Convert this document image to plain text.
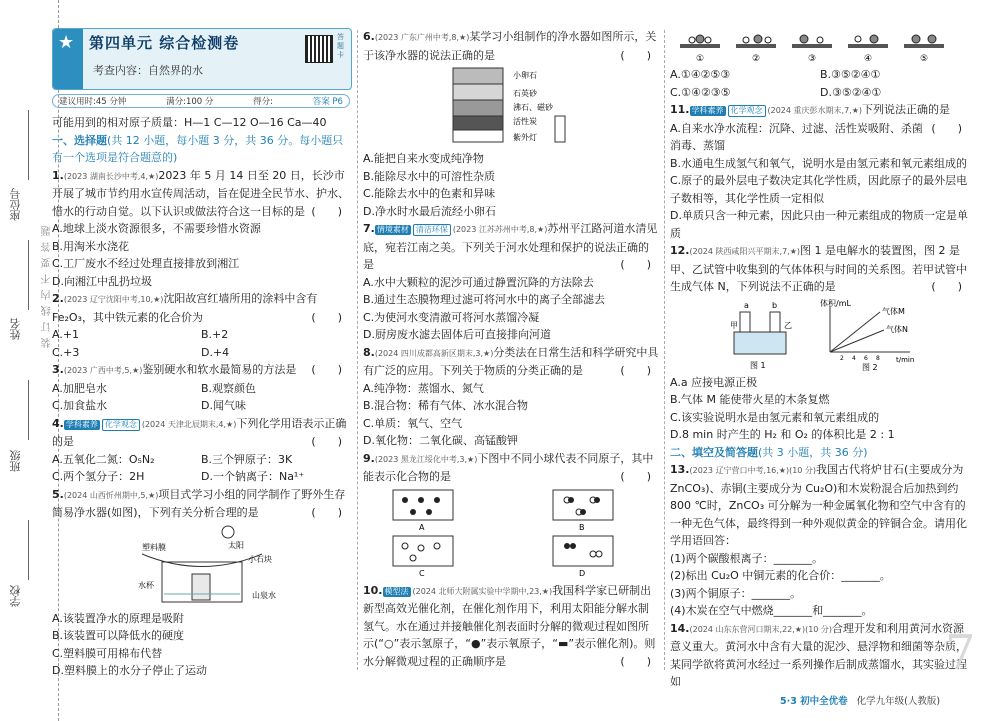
学校
班级
姓名
座位号
装订线内不要答题
★ 第四单元 综合检测卷
考查内容：自然界的水
答题卡
建议用时:45 分钟	满分:100 分	得分:	答案 P6

可能用到的相对原子质量：H—1 C—12 O—16 Ca—40

一、选择题(共 12 小题，每小题 3 分，共 36 分。每小题只有一个选项是符合题意的)

1.(2023 湖南长沙中考,4,★)2023 年 5 月 14 日至 20 日，长沙市开展了城市节约用水宣传周活动，旨在促进全民节水、护水、惜水的行动自觉。以下认识或做法符合这一目标的是 (　　)

A.地球上淡水资源很多，不需要珍惜水资源

B.用淘米水浇花

C.工厂废水不经过处理直接排放到湘江

D.向湘江中乱扔垃圾

2.(2023 辽宁沈阳中考,10,★)沈阳故宫红墙所用的涂料中含有 Fe₂O₃，其中铁元素的化合价为	(　　)

A.+1	B.+2
C.+3	D.+4

3.(2023 广西中考,5,★)鉴别硬水和软水最简易的方法是 (　　)

A.加肥皂水	B.观察颜色
C.加食盐水	D.闻气味

4. 学科素养 化学观念 (2024 天津北辰期末,4,★)下列化学用语表示正确的是	(　　)

A.五氧化二氮：O₅N₂	B.三个钾原子：3K
C.两个氢分子：2H	D.一个钠离子：Na¹⁺

5.(2024 山西忻州期中,5,★)项目式学习小组的同学制作了野外生存简易净水器(如图)，下列有关分析合理的是	(　　)

太阳
塑料膜
小石块
水杯
山泉水

A.该装置净水的原理是吸附

B.该装置可以降低水的硬度

C.塑料膜可用棉布代替

D.塑料膜上的水分子停止了运动

6.(2023 广东广州中考,8,★)某学习小组制作的净水器如图所示，关于该净水器的说法正确的是	(　　)

小卵石
石英砂
沸石、磁砂
活性炭
紫外灯

A.能把自来水变成纯净物

B.能除尽水中的可溶性杂质

C.能除去水中的色素和异味

D.净水时水最后流经小卵石

7. 情境素材 清洁环保 (2023 江苏苏州中考,8,★)苏州平江路河道水清见底，宛若江南之美。下列关于河水处理和保护的说法正确的是	(　　)

A.水中大颗粒的泥沙可通过静置沉降的方法除去

B.通过生态膜物理过滤可将河水中的离子全部滤去

C.为使河水变清澈可将河水蒸馏冷凝

D.厨房废水滤去固体后可直接排向河道

8.(2024 四川成都高新区期末,3,★)分类法在日常生活和科学研究中具有广泛的应用。下列关于物质的分类正确的是	(　　)

A.纯净物：蒸馏水、氮气

B.混合物：稀有气体、冰水混合物

C.单质：氧气、空气

D.氧化物：二氧化碳、高锰酸钾

9.(2023 黑龙江绥化中考,3,★)下图中不同小球代表不同原子，其中能表示化合物的是	(　　)

A	B
C	D

10. 模型法 (2024 北师大附属实验中学期中,23,★)我国科学家已研制出新型高效光催化剂，在催化剂作用下，利用太阳能分解水制氢气。水在通过并接触催化剂表面时分解的微观过程如图所示(“○”表示氢原子，“●”表示氧原子，“▬”表示催化剂)。则水分解微观过程的正确顺序是	(　　)

①	②	③	④	⑤
A.①④②⑤③	B.③⑤②④①
C.①④②③⑤	D.③⑤②④①

11. 学科素养 化学观念 (2024 重庆彭水期末,7,★)下列说法正确的是
(　　)

A.自来水净水流程：沉降、过滤、活性炭吸附、杀菌消毒、蒸馏

B.水通电生成氢气和氧气，说明水是由氢元素和氧元素组成的

C.原子的最外层电子数决定其化学性质，因此原子的最外层电子数相等，其化学性质一定相似

D.单质只含一种元素，因此只由一种元素组成的物质一定是单质

12.(2024 陕西咸阳兴平期末,7,★)图 1 是电解水的装置图，图 2 是甲、乙试管中收集到的气体体积与时间的关系图。若甲试管中生成气体 N，下列说法不正确的是	(　　)

甲	乙
a	b
图 1
体积/mL
气体M
气体N
t/min
图 2
2 4 6 8

A.a 应接电源正极

B.气体 M 能使带火星的木条复燃

C.该实验说明水是由氢元素和氧元素组成的

D.8 min 时产生的 H₂ 和 O₂ 的体积比是 2 : 1

二、填空及简答题(共 3 小题，共 36 分)

13.(2023 辽宁营口中考,16,★)(10 分)我国古代将炉甘石(主要成分为 ZnCO₃)、赤铜(主要成分为 Cu₂O)和木炭粉混合后加热到约 800 ℃时，ZnCO₃ 可分解为一种金属氧化物和空气中含有的一种无色气体，最终得到一种外观似黄金的锌铜合金。请用化学用语回答：

(1)两个碳酸根离子：_______。

(2)标出 Cu₂O 中铜元素的化合价：_______。

(3)两个铜原子：_______。

(4)木炭在空气中燃烧_______和_______。

14.(2024 山东东营河口期末,22,★)(10 分)合理开发和利用黄河水资源意义重大。黄河水中含有大量的泥沙、悬浮物和细菌等杂质，某同学欲将黄河水经过一系列操作后制成蒸馏水，其实验过程如

7
5·3 初中全优卷 化学九年级(人教版)
